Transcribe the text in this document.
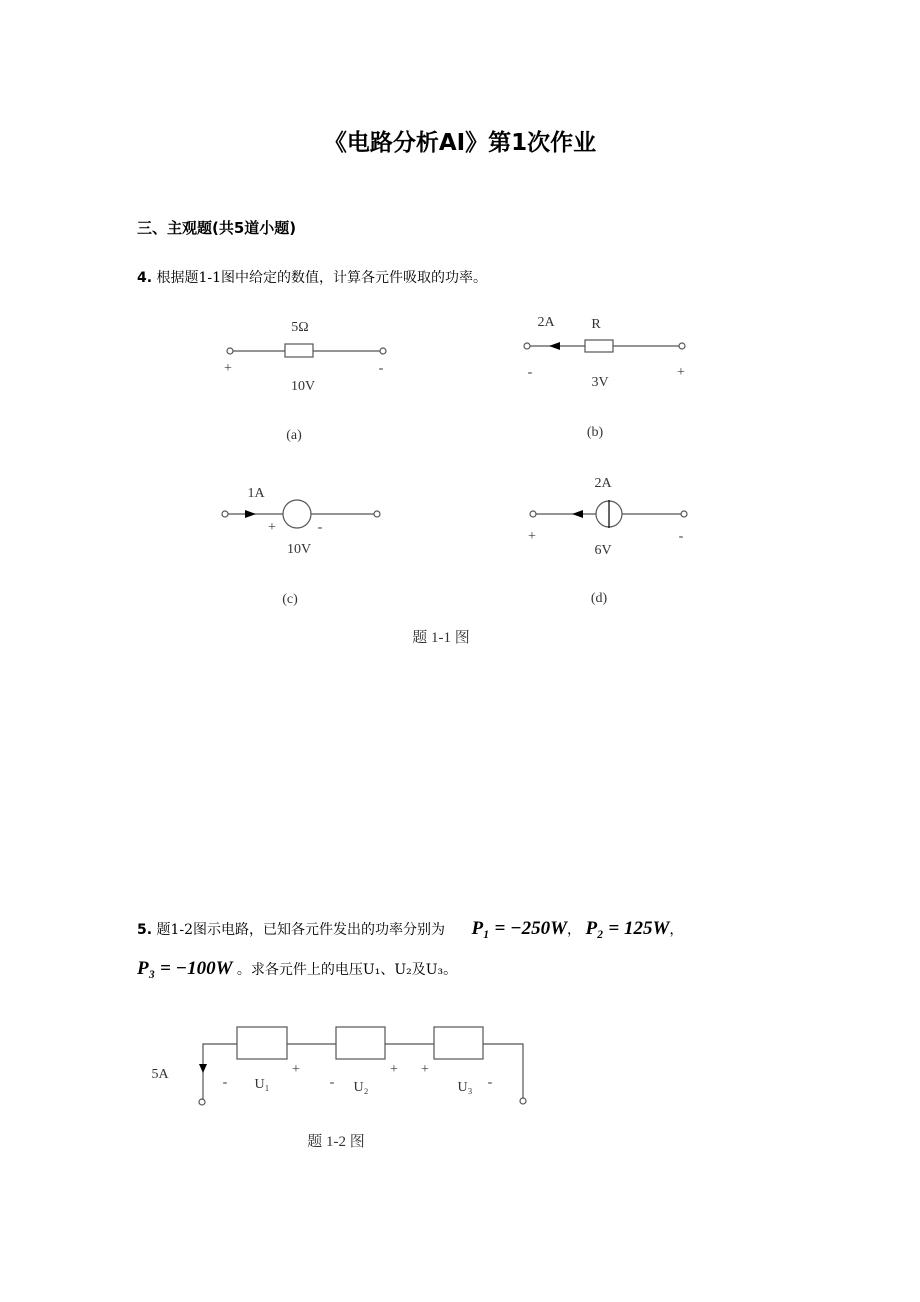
《电路分析AI》第1次作业
三、主观题(共5道小题)
4. 根据题1-1图中给定的数值，计算各元件吸取的功率。
5Ω
+	-
10V
(a)
2A	R
-
3V
+
(b)
1A
+	-
10V
(c)
2A
+	-
6V
(d)
题 1-1 图
5A
- U₁
+
- U₂
+ +
U₃ -
题 1-2 图
5. 题1-2图示电路，已知各元件发出的功率分别为 P₁ = −250W， P₂ = 125W，
P₃ = −100W 。求各元件上的电压U₁、U₂及U₃。
